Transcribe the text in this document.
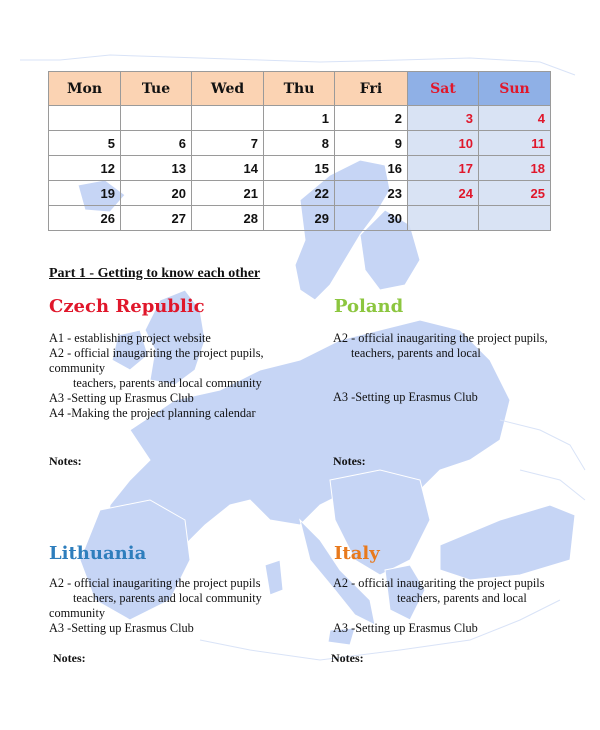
Mon	Tue	Wed	Thu	Fri	Sat	Sun
			1	2	3	4
5	6	7	8	9	10	11
12	13	14	15	16	17	18
19	20	21	22	23	24	25
26	27	28	29	30		
Part 1 - Getting to know each other
Czech Republic
A1 - establishing project website
A2 - official inaugariting the project pupils,
community
teachers, parents and local community
A3 -Setting up Erasmus Club
A4 -Making the project planning calendar
Notes:
Poland
A2 - official inaugariting the project pupils,
teachers, parents and local
A3 -Setting up Erasmus Club
Notes:
Lithuania
A2 - official inaugariting the project pupils
teachers, parents and local community
community
A3 -Setting up Erasmus Club
Notes:
Italy
A2 - official inaugariting the project pupils
teachers, parents and local
A3 -Setting up Erasmus Club
Notes:
